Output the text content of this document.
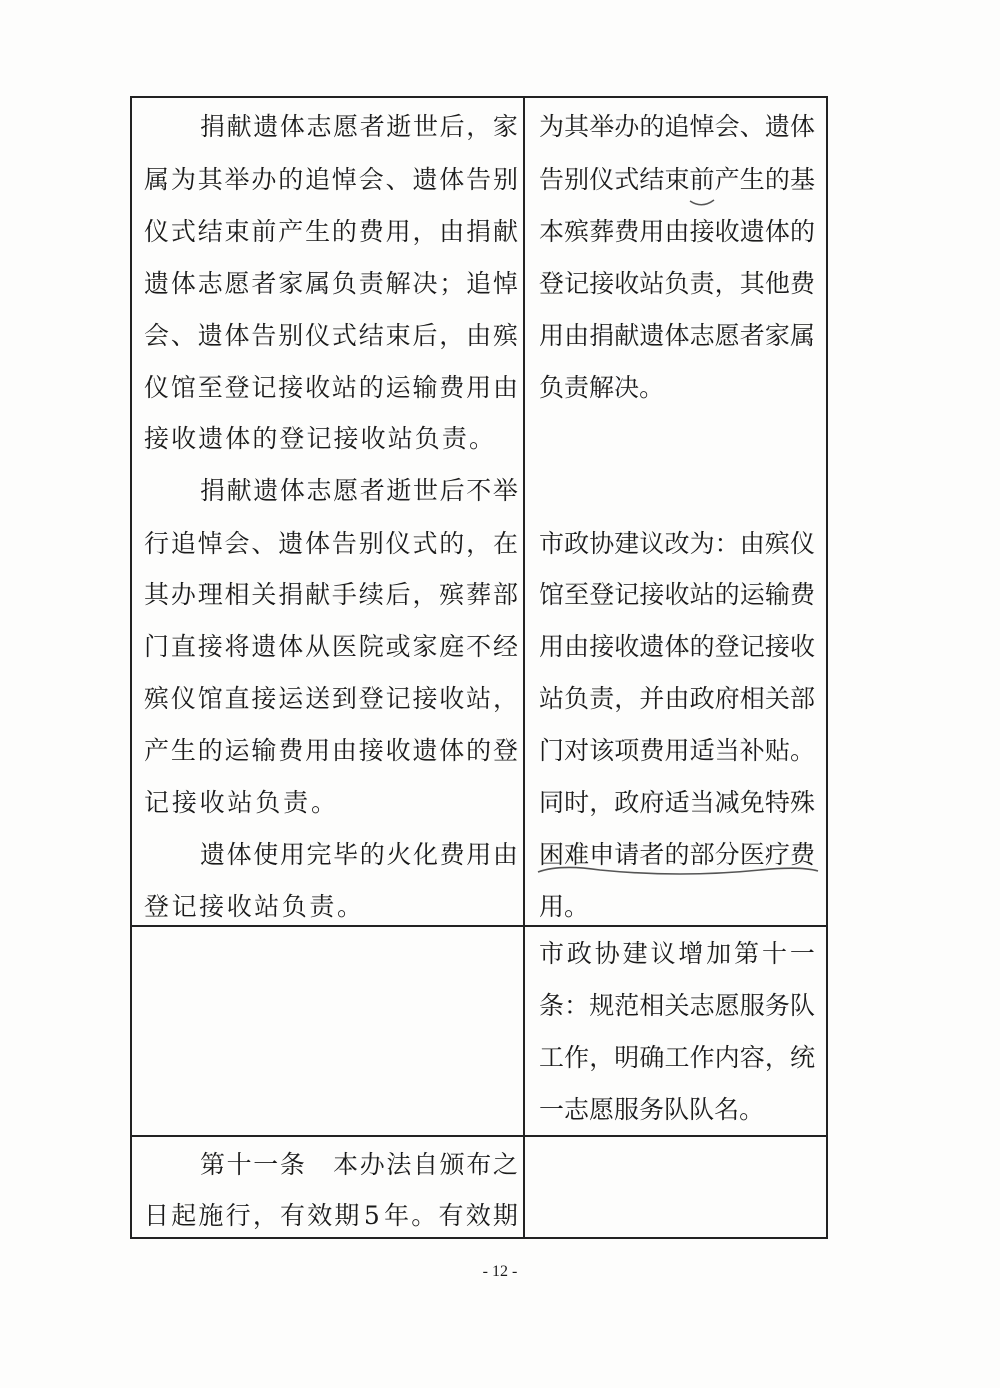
捐 献 遗 体 志 愿 者 逝 世 后 ， 家
属 为 其 举 办 的 追 悼 会 、 遗 体 告 别
仪 式 结 束 前 产 生 的 费 用 ， 由 捐 献
遗 体 志 愿 者 家 属 负 责 解 决 ； 追 悼
会 、 遗 体 告 别 仪 式 结 束 后 ， 由 殡
仪 馆 至 登 记 接 收 站 的 运 输 费 用 由
接 收 遗 体 的 登 记 接 收 站 负 责 。
捐 献 遗 体 志 愿 者 逝 世 后 不 举
行 追 悼 会 、 遗 体 告 别 仪 式 的 ， 在
其 办 理 相 关 捐 献 手 续 后 ， 殡 葬 部
门 直 接 将 遗 体 从 医 院 或 家 庭 不 经
殡 仪 馆 直 接 运 送 到 登 记 接 收 站 ，
产 生 的 运 输 费 用 由 接 收 遗 体 的 登
记 接 收 站 负 责 。
遗 体 使 用 完 毕 的 火 化 费 用 由
登 记 接 收 站 负 责 。
为 其 举 办 的 追 悼 会 、 遗 体
告 别 仪 式 结 束 前 产 生 的 基
本 殡 葬 费 用 由 接 收 遗 体 的
登 记 接 收 站 负 责 ， 其 他 费
用 由 捐 献 遗 体 志 愿 者 家 属
负 责 解 决 。
市 政 协 建 议 改 为 ： 由 殡 仪
馆 至 登 记 接 收 站 的 运 输 费
用 由 接 收 遗 体 的 登 记 接 收
站 负 责 ， 并 由 政 府 相 关 部
门 对 该 项 费 用 适 当 补 贴 。
同 时 ， 政 府 适 当 减 免 特 殊
困 难 申 请 者 的 部 分 医 疗 费
用 。
市 政 协 建 议 增 加 第 十 一
条 ： 规 范 相 关 志 愿 服 务 队
工 作 ， 明 确 工 作 内 容 ， 统
一 志 愿 服 务 队 队 名 。
第 十 一 条
　 本 办 法 自 颁 布 之
日 起 施 行 ， 有 效 期 5 年 。 有 效 期
- 12 -
